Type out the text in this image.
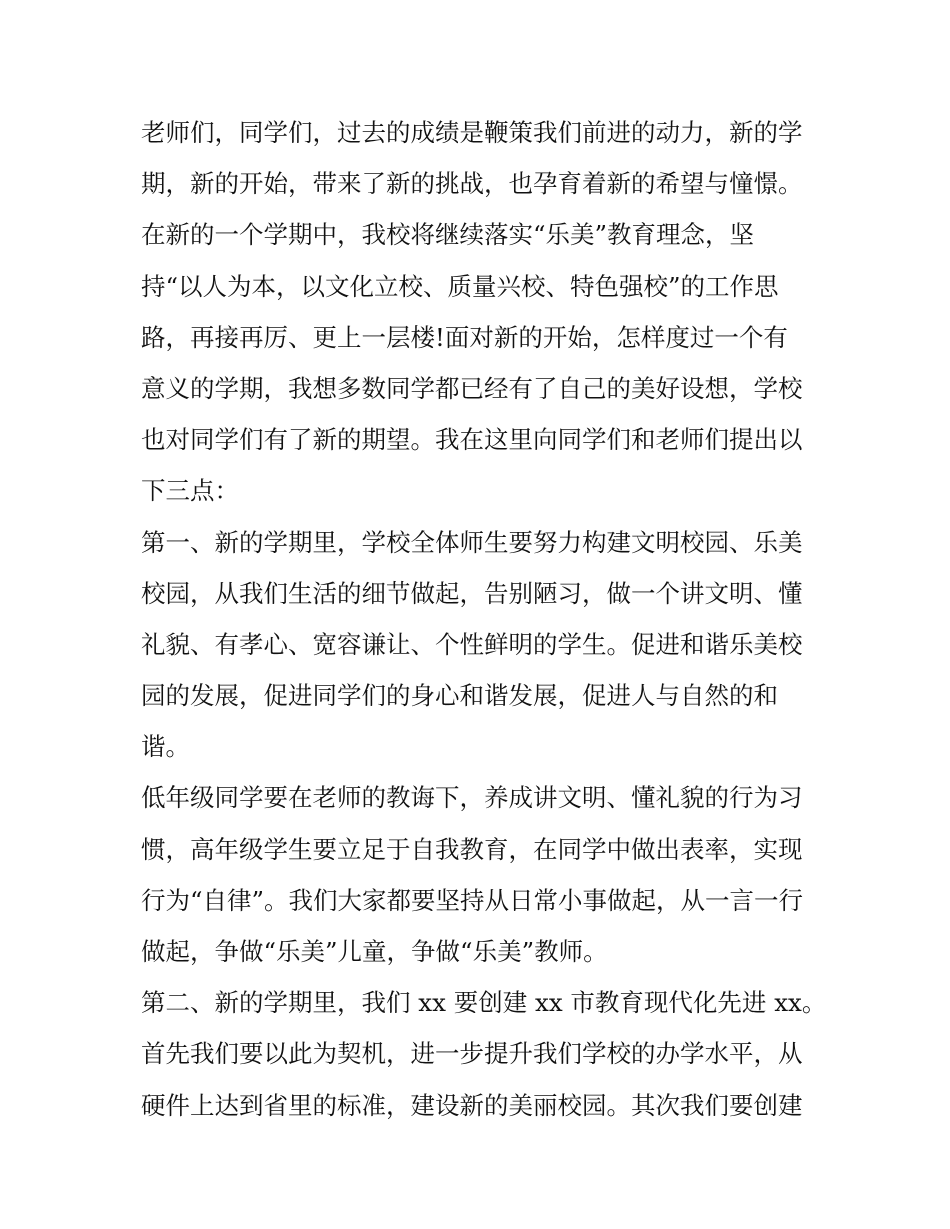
老师们，同学们，过去的成绩是鞭策我们前进的动力，新的学
期，新的开始，带来了新的挑战，也孕育着新的希望与憧憬。
在新的一个学期中，我校将继续落实“乐美”教育理念，坚
持“以人为本，以文化立校、质量兴校、特色强校”的工作思
路，再接再厉、更上一层楼!面对新的开始，怎样度过一个有
意义的学期，我想多数同学都已经有了自己的美好设想，学校
也对同学们有了新的期望。我在这里向同学们和老师们提出以
下三点：
第一、新的学期里，学校全体师生要努力构建文明校园、乐美
校园，从我们生活的细节做起，告别陋习，做一个讲文明、懂
礼貌、有孝心、宽容谦让、个性鲜明的学生。促进和谐乐美校
园的发展，促进同学们的身心和谐发展，促进人与自然的和
谐。
低年级同学要在老师的教诲下，养成讲文明、懂礼貌的行为习
惯，高年级学生要立足于自我教育，在同学中做出表率，实现
行为“自律”。我们大家都要坚持从日常小事做起，从一言一行
做起，争做“乐美”儿童，争做“乐美”教师。
第二、新的学期里，我们 xx 要创建 xx 市教育现代化先进 xx。
首先我们要以此为契机，进一步提升我们学校的办学水平，从
硬件上达到省里的标准，建设新的美丽校园。其次我们要创建
